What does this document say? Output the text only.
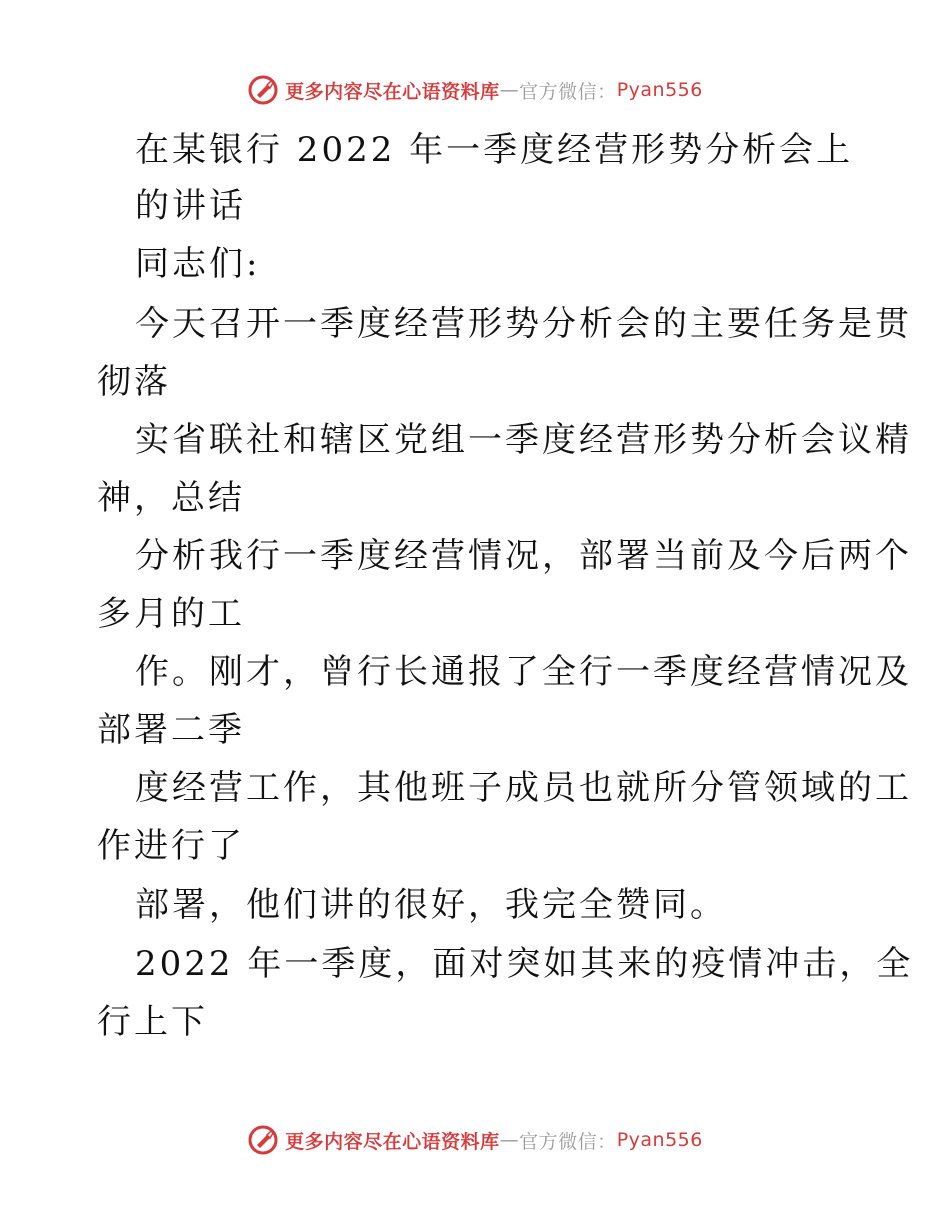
更多内容尽在心语资料库 — 官方微信： Pyan556
在某银行 2022 年一季度经营形势分析会上
的讲话
同志们:
今天召开一季度经营形势分析会的主要任务是贯
彻落
实省联社和辖区党组一季度经营形势分析会议精
神，总结
分析我行一季度经营情况，部署当前及今后两个
多月的工
作。刚才，曾行长通报了全行一季度经营情况及
部署二季
度经营工作，其他班子成员也就所分管领域的工
作进行了
部署，他们讲的很好，我完全赞同。
2022 年一季度，面对突如其来的疫情冲击，全
行上下
更多内容尽在心语资料库 — 官方微信： Pyan556
